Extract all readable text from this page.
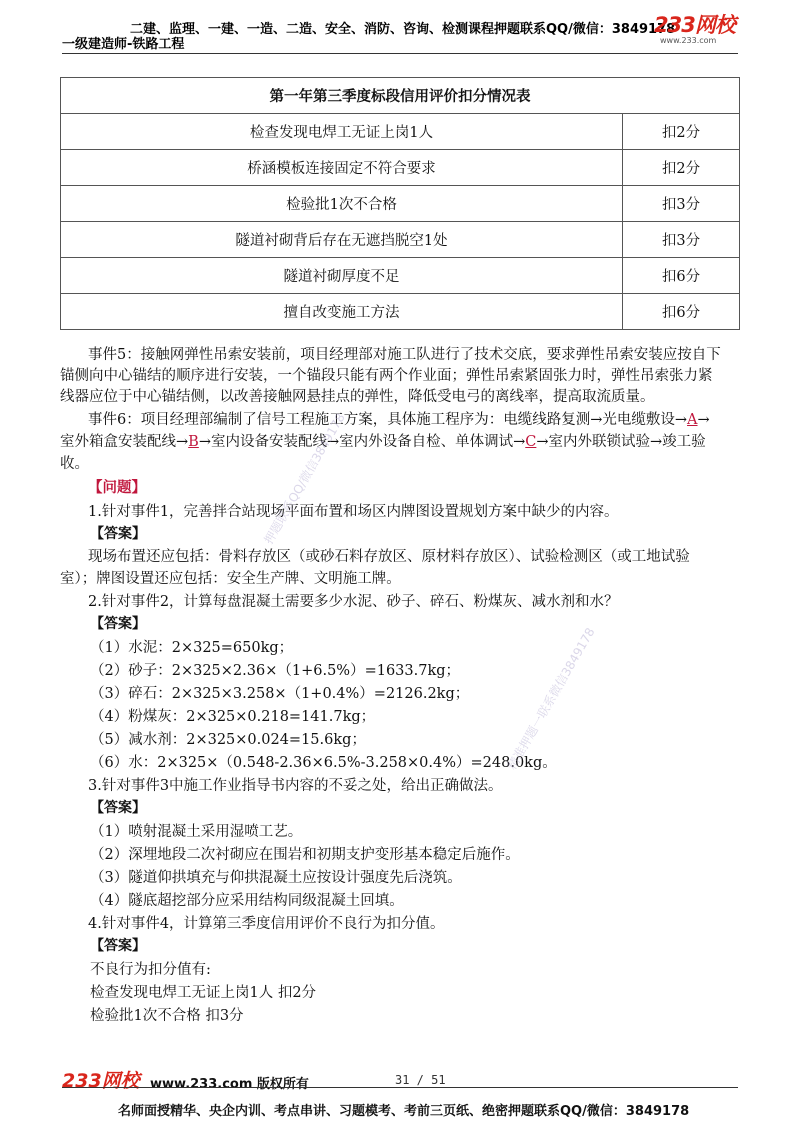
二建、监理、一建、一造、二造、安全、消防、咨询、检测课程押题联系QQ/微信：3849178
一级建造师-铁路工程
233网校
www.233.com
第一年第三季度标段信用评价扣分情况表	
检查发现电焊工无证上岗1人	扣2分
桥涵模板连接固定不符合要求	扣2分
检验批1次不合格	扣3分
隧道衬砌背后存在无遮挡脱空1处	扣3分
隧道衬砌厚度不足	扣6分
擅自改变施工方法	扣6分
事件5：接触网弹性吊索安装前，项目经理部对施工队进行了技术交底，要求弹性吊索安装应按自下
锚侧向中心锚结的顺序进行安装，一个锚段只能有两个作业面；弹性吊索紧固张力时，弹性吊索张力紧
线器应位于中心锚结侧，以改善接触网悬挂点的弹性，降低受电弓的离线率，提高取流质量。
事件6：项目经理部编制了信号工程施工方案，具体施工程序为：电缆线路复测→光电缆敷设→A→
室外箱盒安装配线→B→室内设备安装配线→室内外设备自检、单体调试→C→室内外联锁试验→竣工验
收。
【问题】
1.针对事件1，完善拌合站现场平面布置和场区内牌图设置规划方案中缺少的内容。
【答案】
现场布置还应包括：骨料存放区（或砂石料存放区、原材料存放区）、试验检测区（或工地试验
室）；牌图设置还应包括：安全生产牌、文明施工牌。
2.针对事件2，计算每盘混凝土需要多少水泥、砂子、碎石、粉煤灰、减水剂和水？
【答案】
（1）水泥：2×325=650kg；
（2）砂子：2×325×2.36×（1+6.5%）=1633.7kg；
（3）碎石：2×325×3.258×（1+0.4%）=2126.2kg；
（4）粉煤灰：2×325×0.218=141.7kg；
（5）减水剂：2×325×0.024=15.6kg；
（6）水：2×325×（0.548-2.36×6.5%-3.258×0.4%）=248.0kg。
3.针对事件3中施工作业指导书内容的不妥之处，给出正确做法。
【答案】
（1）喷射混凝土采用湿喷工艺。
（2）深埋地段二次衬砌应在围岩和初期支护变形基本稳定后施作。
（3）隧道仰拱填充与仰拱混凝土应按设计强度先后浇筑。
（4）隧底超挖部分应采用结构同级混凝土回填。
4.针对事件4，计算第三季度信用评价不良行为扣分值。
【答案】
不良行为扣分值有:
检查发现电焊工无证上岗1人 扣2分
检验批1次不合格 扣3分
押题联系QQ/微信3849178
精准押题一联系微信3849178
233网校 www.233.com 版权所有	31 / 51
名师面授精华、央企内训、考点串讲、习题模考、考前三页纸、绝密押题联系QQ/微信：3849178
